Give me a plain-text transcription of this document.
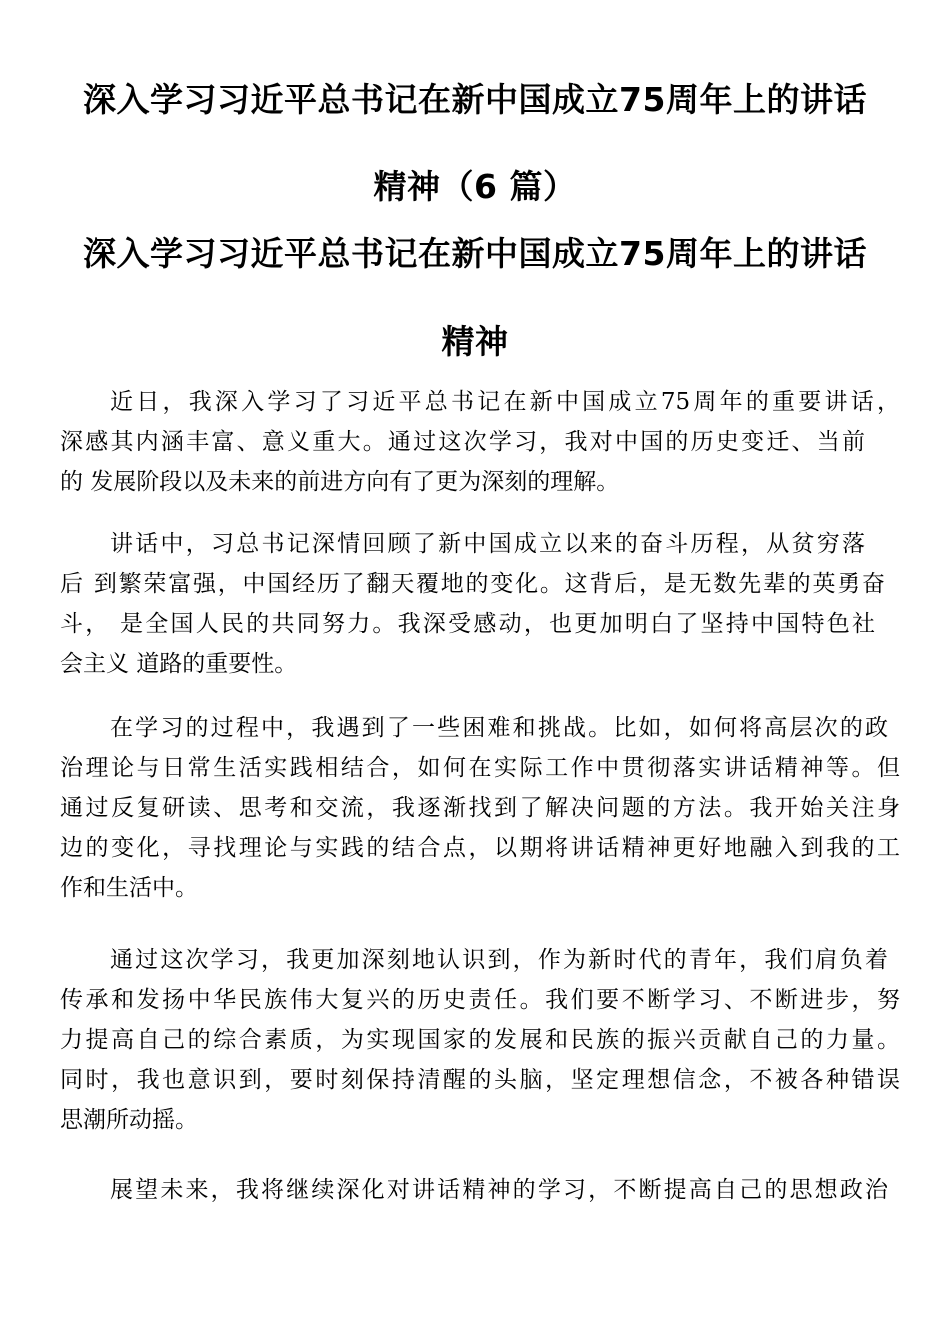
深入学习习近平总书记在新中国成立75周年上的讲话
精神（6 篇）
深入学习习近平总书记在新中国成立75周年上的讲话
精神
近日，我深入学习了习近平总书记在新中国成立75周年的重要讲话，
深感其内涵丰富、意义重大。通过这次学习，我对中国的历史变迁、当前
的 发展阶段以及未来的前进方向有了更为深刻的理解。
讲话中，习总书记深情回顾了新中国成立以来的奋斗历程，从贫穷落
后 到繁荣富强，中国经历了翻天覆地的变化。这背后，是无数先辈的英勇奋
斗， 是全国人民的共同努力。我深受感动，也更加明白了坚持中国特色社
会主义 道路的重要性。
在学习的过程中，我遇到了一些困难和挑战。比如，如何将高层次的政
治理论与日常生活实践相结合，如何在实际工作中贯彻落实讲话精神等。但
通过反复研读、思考和交流，我逐渐找到了解决问题的方法。我开始关注身
边的变化，寻找理论与实践的结合点，以期将讲话精神更好地融入到我的工
作和生活中。
通过这次学习，我更加深刻地认识到，作为新时代的青年，我们肩负着
传承和发扬中华民族伟大复兴的历史责任。我们要不断学习、不断进步，努
力提高自己的综合素质，为实现国家的发展和民族的振兴贡献自己的力量。
同时，我也意识到，要时刻保持清醒的头脑，坚定理想信念，不被各种错误
思潮所动摇。
展望未来，我将继续深化对讲话精神的学习，不断提高自己的思想政治
